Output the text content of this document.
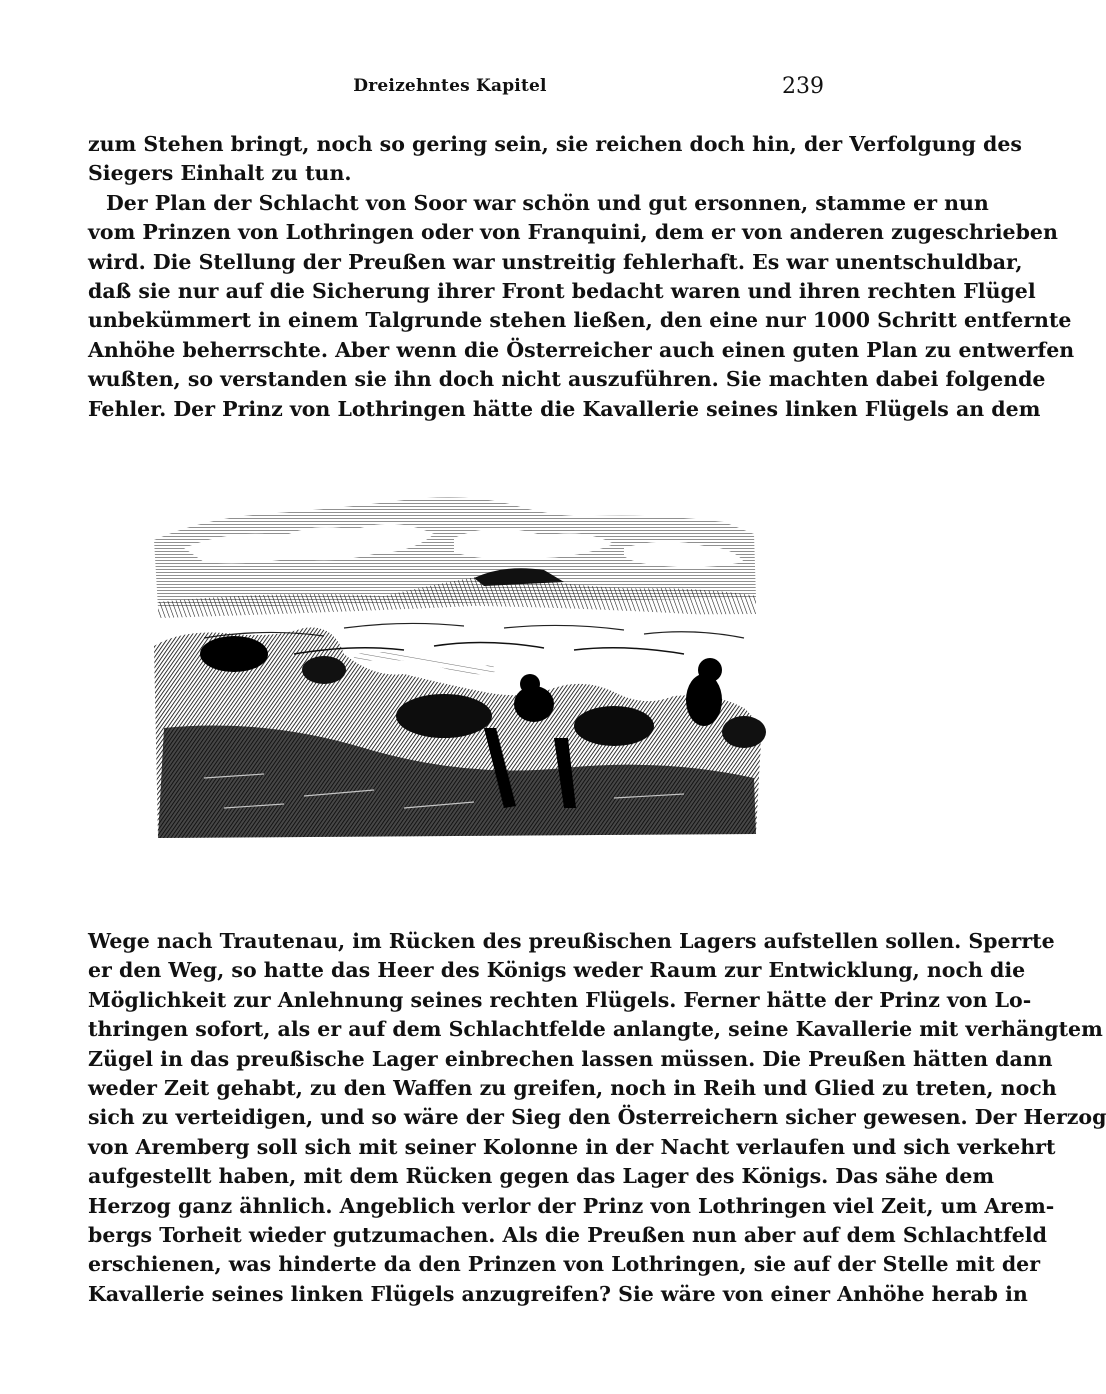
Dreizehntes Kapitel	239

zum Stehen bringt, noch so gering sein, sie reichen doch hin, der Verfolgung des
Siegers Einhalt zu tun.

Der Plan der Schlacht von Soor war schön und gut ersonnen, stamme er nun
vom Prinzen von Lothringen oder von Franquini, dem er von anderen zugeschrieben
wird. Die Stellung der Preußen war unstreitig fehlerhaft. Es war unentschuldbar,
daß sie nur auf die Sicherung ihrer Front bedacht waren und ihren rechten Flügel
unbekümmert in einem Talgrunde stehen ließen, den eine nur 1000 Schritt entfernte
Anhöhe beherrschte. Aber wenn die Österreicher auch einen guten Plan zu entwerfen
wußten, so verstanden sie ihn doch nicht auszuführen. Sie machten dabei folgende
Fehler. Der Prinz von Lothringen hätte die Kavallerie seines linken Flügels an dem

Wege nach Trautenau, im Rücken des preußischen Lagers aufstellen sollen. Sperrte
er den Weg, so hatte das Heer des Königs weder Raum zur Entwicklung, noch die
Möglichkeit zur Anlehnung seines rechten Flügels. Ferner hätte der Prinz von Lo-
thringen sofort, als er auf dem Schlachtfelde anlangte, seine Kavallerie mit verhängtem
Zügel in das preußische Lager einbrechen lassen müssen. Die Preußen hätten dann
weder Zeit gehabt, zu den Waffen zu greifen, noch in Reih und Glied zu treten, noch
sich zu verteidigen, und so wäre der Sieg den Österreichern sicher gewesen. Der Herzog
von Aremberg soll sich mit seiner Kolonne in der Nacht verlaufen und sich verkehrt
aufgestellt haben, mit dem Rücken gegen das Lager des Königs. Das sähe dem
Herzog ganz ähnlich. Angeblich verlor der Prinz von Lothringen viel Zeit, um Arem-
bergs Torheit wieder gutzumachen. Als die Preußen nun aber auf dem Schlachtfeld
erschienen, was hinderte da den Prinzen von Lothringen, sie auf der Stelle mit der
Kavallerie seines linken Flügels anzugreifen? Sie wäre von einer Anhöhe herab in
